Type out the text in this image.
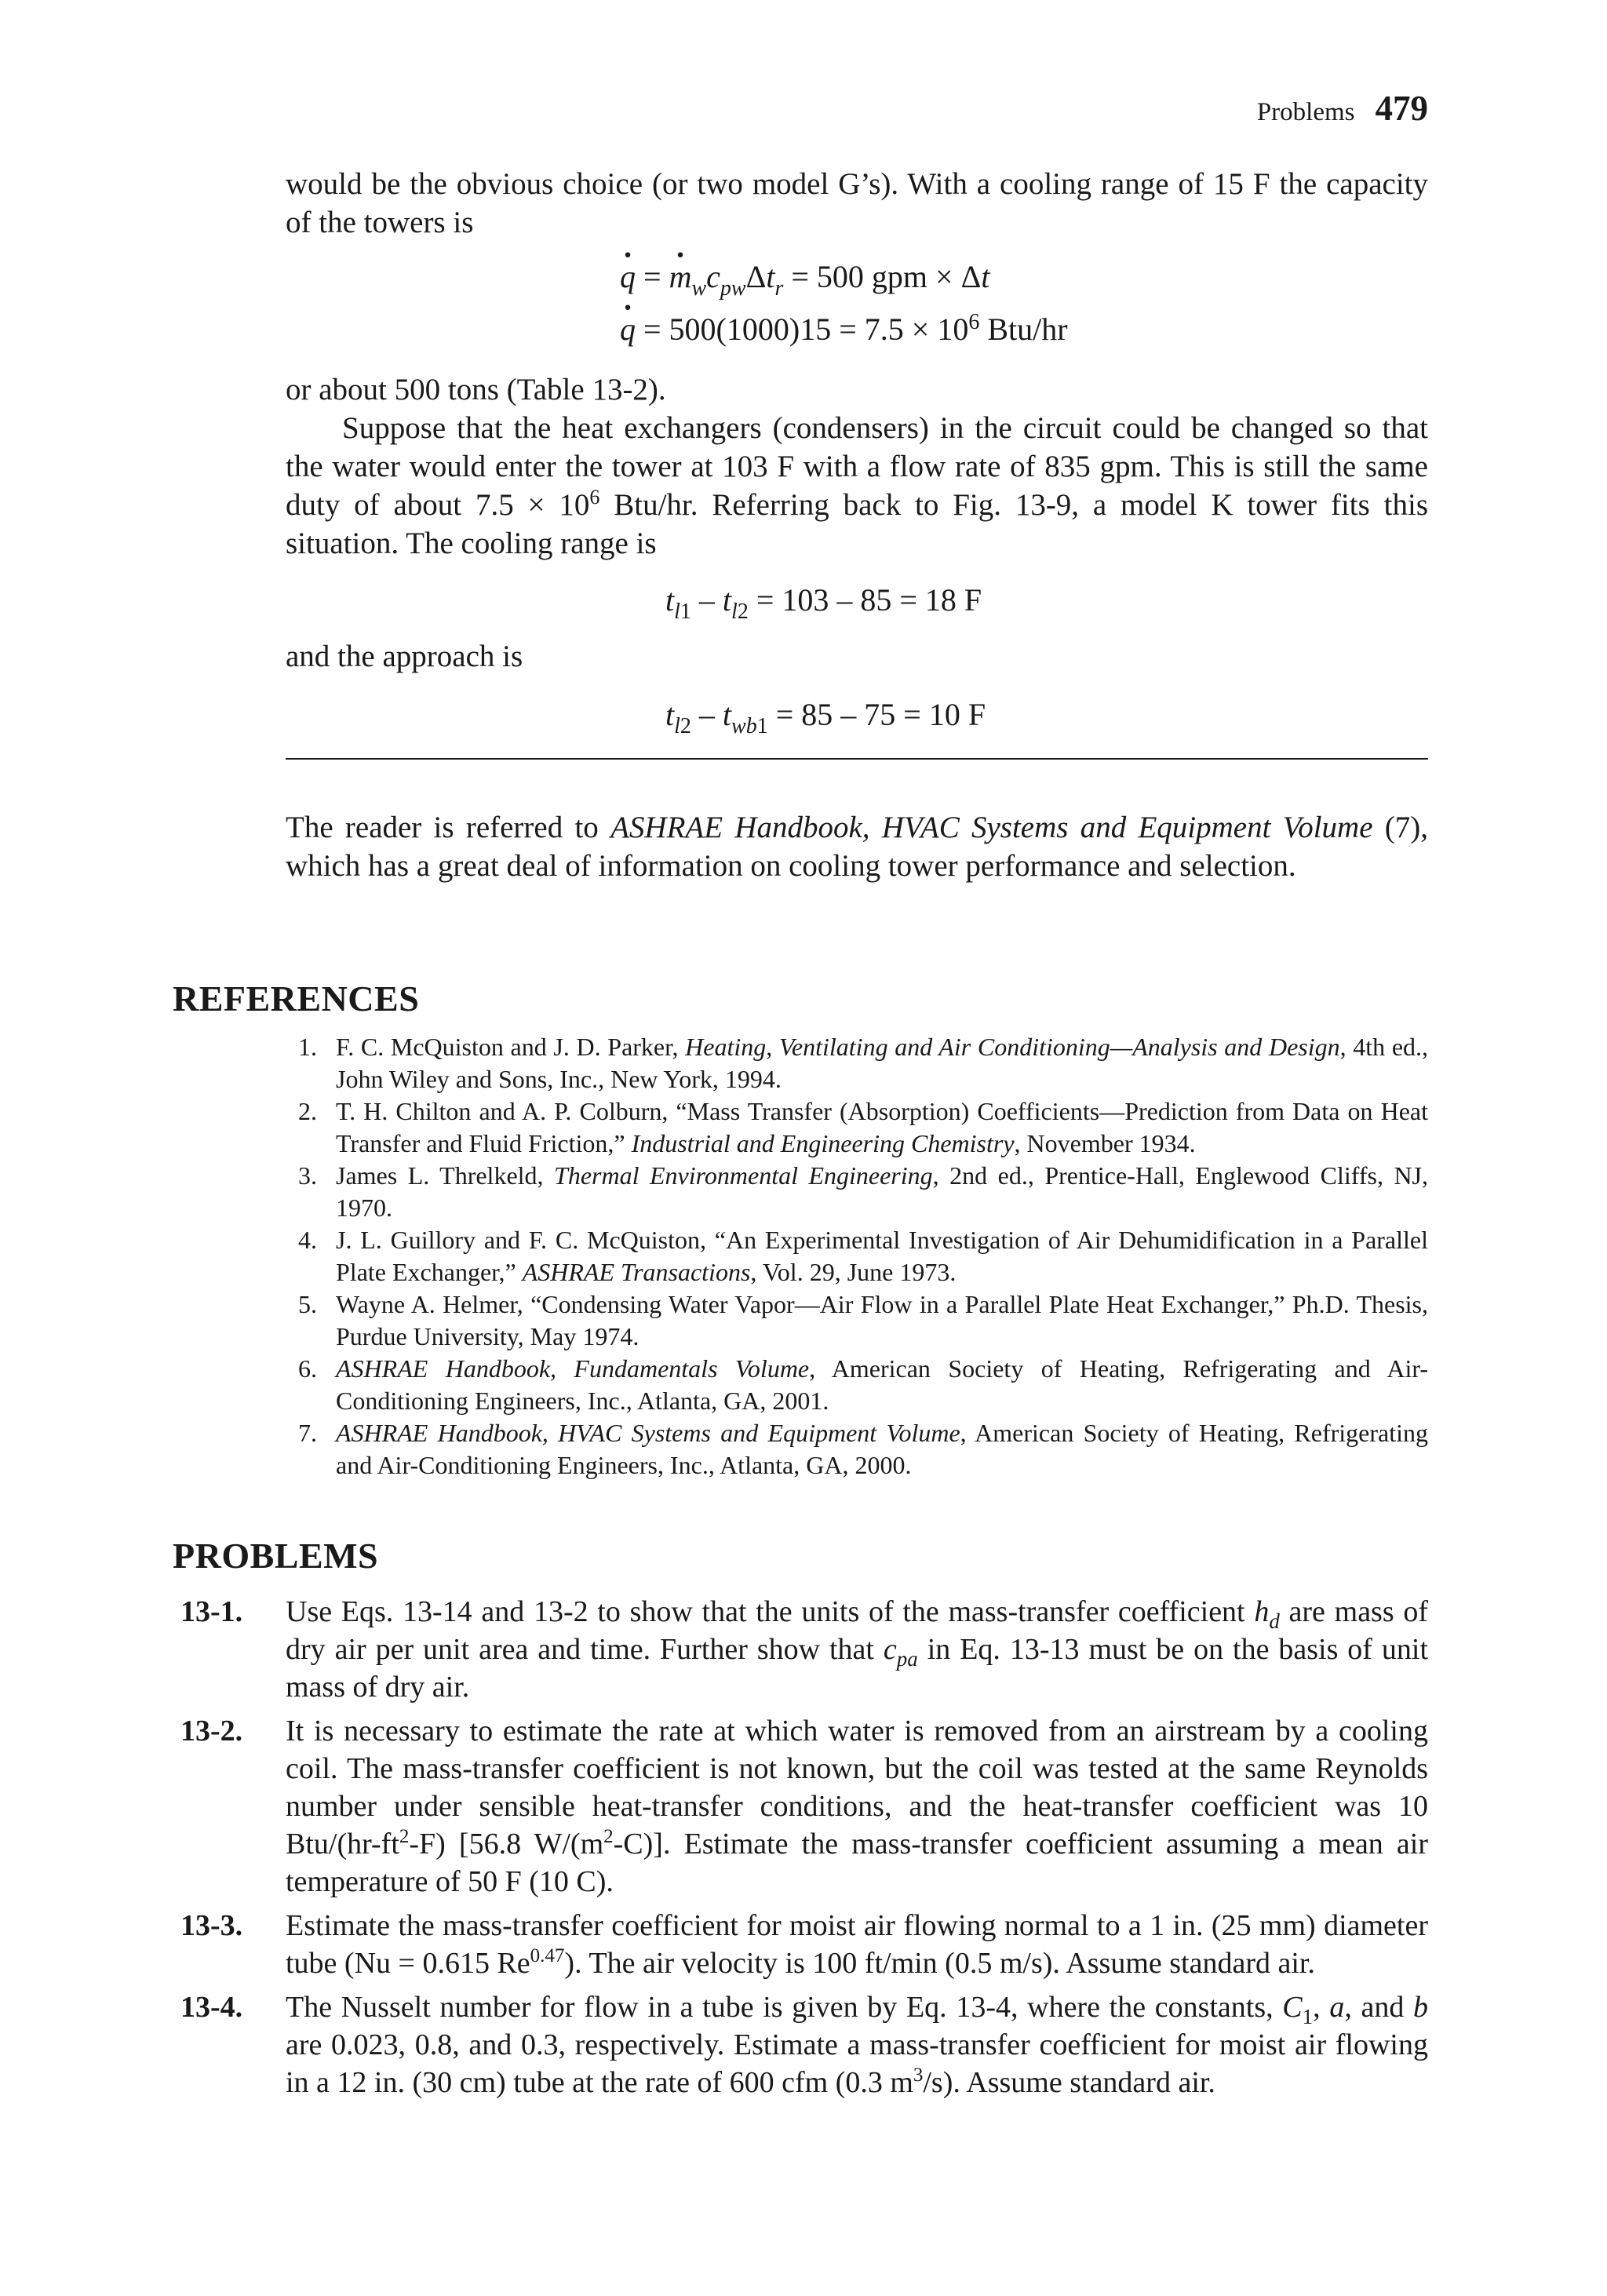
Problems 479

would be the obvious choice (or two model G’s). With a cooling range of 15 F the capacity of the towers is

q · = $m \cdot_wc_{pw}\Delta t_r = 500$ gpm × Δt
q · = $500(1000)15 = 7.5 \times 10^6$ Btu/hr

or about 500 tons (Table 13-2).

Suppose that the heat exchangers (condensers) in the circuit could be changed so that the water would enter the tower at 103 F with a flow rate of 835 gpm. This is still the same duty of about $7.5 \times 10^6$ Btu/hr. Referring back to Fig. 13-9, a model K tower fits this situation. The cooling range is

$t_{l1} - t_{l2} = 103 - 85 = 18$ F

and the approach is

$t_{l2} - t_{wb1} = 85 - 75 = 10$ F

The reader is referred to ASHRAE Handbook, HVAC Systems and Equipment Volume (7), which has a great deal of information on cooling tower performance and selection.

REFERENCES
1. F. C. McQuiston and J. D. Parker, Heating, Ventilating and Air Conditioning—Analysis and Design, 4th ed., John Wiley and Sons, Inc., New York, 1994.
2. T. H. Chilton and A. P. Colburn, “Mass Transfer (Absorption) Coefficients—Prediction from Data on Heat Transfer and Fluid Friction,” Industrial and Engineering Chemistry, November 1934.
3. James L. Threlkeld, Thermal Environmental Engineering, 2nd ed., Prentice-Hall, Englewood Cliffs, NJ, 1970.
4. J. L. Guillory and F. C. McQuiston, “An Experimental Investigation of Air Dehumidification in a Parallel Plate Exchanger,” ASHRAE Transactions, Vol. 29, June 1973.
5. Wayne A. Helmer, “Condensing Water Vapor—Air Flow in a Parallel Plate Heat Exchanger,” Ph.D. Thesis, Purdue University, May 1974.
6. ASHRAE Handbook, Fundamentals Volume, American Society of Heating, Refrigerating and Air-Conditioning Engineers, Inc., Atlanta, GA, 2001.
7. ASHRAE Handbook, HVAC Systems and Equipment Volume, American Society of Heating, Refrigerating and Air-Conditioning Engineers, Inc., Atlanta, GA, 2000.
PROBLEMS
13-1. Use Eqs. 13-14 and 13-2 to show that the units of the mass-transfer coefficient $h_d$ are mass of dry air per unit area and time. Further show that $c_{pa}$ in Eq. 13-13 must be on the basis of unit mass of dry air.
13-2. It is necessary to estimate the rate at which water is removed from an airstream by a cooling coil. The mass-transfer coefficient is not known, but the coil was tested at the same Reynolds number under sensible heat-transfer conditions, and the heat-transfer coefficient was 10 Btu/$(hr-ft^2-F)$ [56.8 $W/(m^2-C)$]. Estimate the mass-transfer coefficient assuming a mean air temperature of 50 F (10 C).
13-3. Estimate the mass-transfer coefficient for moist air flowing normal to a 1 in. (25 mm) diameter tube (Nu = 0.615 $Re^{0.47}$). The air velocity is 100 ft/min (0.5 m/s). Assume standard air.
13-4. The Nusselt number for flow in a tube is given by Eq. 13-4, where the constants, $C_1$, a, and b are 0.023, 0.8, and 0.3, respectively. Estimate a mass-transfer coefficient for moist air flowing in a 12 in. (30 cm) tube at the rate of 600 cfm (0.3 $m^3/s$). Assume standard air.
